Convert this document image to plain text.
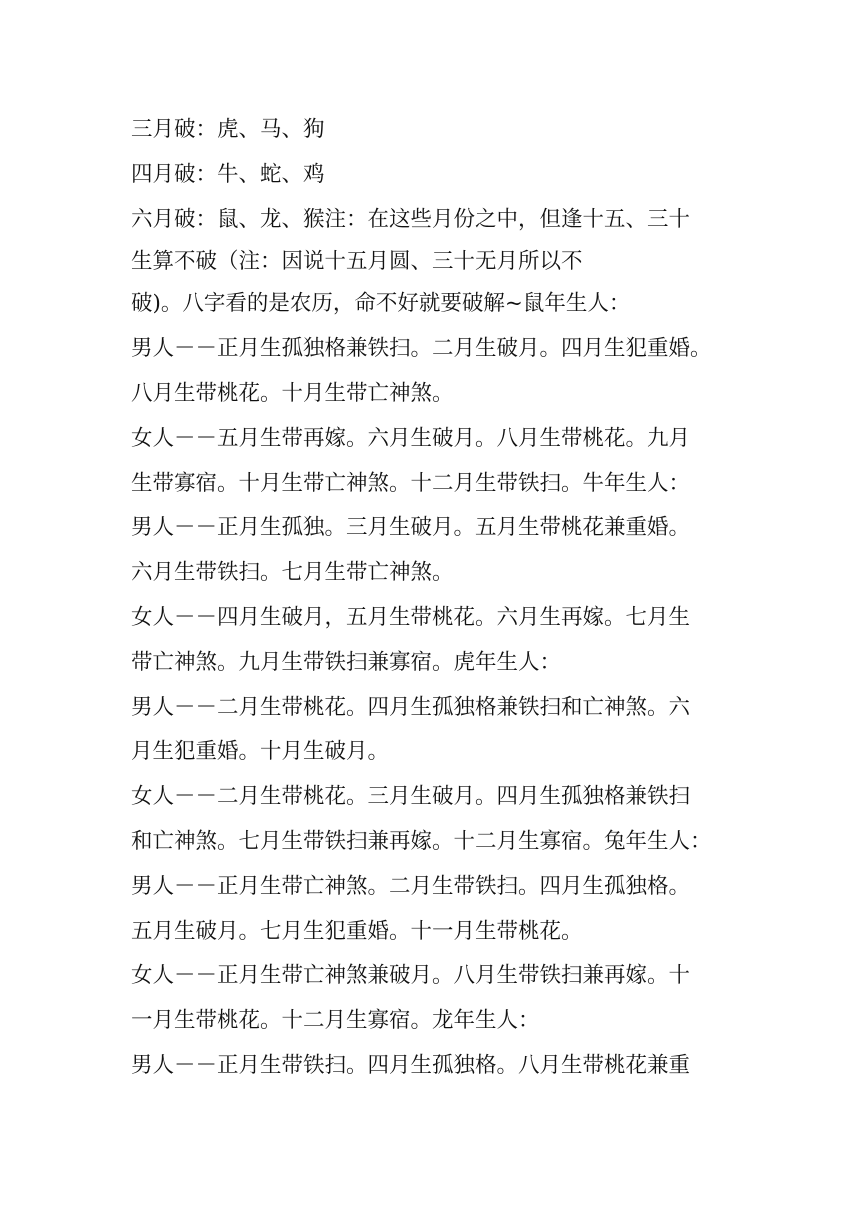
三月破：虎、马、狗
四月破：牛、蛇、鸡
六月破：鼠、龙、猴注：在这些月份之中，但逢十五、三十
生算不破（注：因说十五月圆、三十无月所以不
破)。八字看的是农历，命不好就要破解~鼠年生人：
男人－－正月生孤独格兼铁扫。二月生破月。四月生犯重婚。
八月生带桃花。十月生带亡神煞。
女人－－五月生带再嫁。六月生破月。八月生带桃花。九月
生带寡宿。十月生带亡神煞。十二月生带铁扫。牛年生人：
男人－－正月生孤独。三月生破月。五月生带桃花兼重婚。
六月生带铁扫。七月生带亡神煞。
女人－－四月生破月，五月生带桃花。六月生再嫁。七月生
带亡神煞。九月生带铁扫兼寡宿。虎年生人：
男人－－二月生带桃花。四月生孤独格兼铁扫和亡神煞。六
月生犯重婚。十月生破月。
女人－－二月生带桃花。三月生破月。四月生孤独格兼铁扫
和亡神煞。七月生带铁扫兼再嫁。十二月生寡宿。兔年生人：
男人－－正月生带亡神煞。二月生带铁扫。四月生孤独格。
五月生破月。七月生犯重婚。十一月生带桃花。
女人－－正月生带亡神煞兼破月。八月生带铁扫兼再嫁。十
一月生带桃花。十二月生寡宿。龙年生人：
男人－－正月生带铁扫。四月生孤独格。八月生带桃花兼重
